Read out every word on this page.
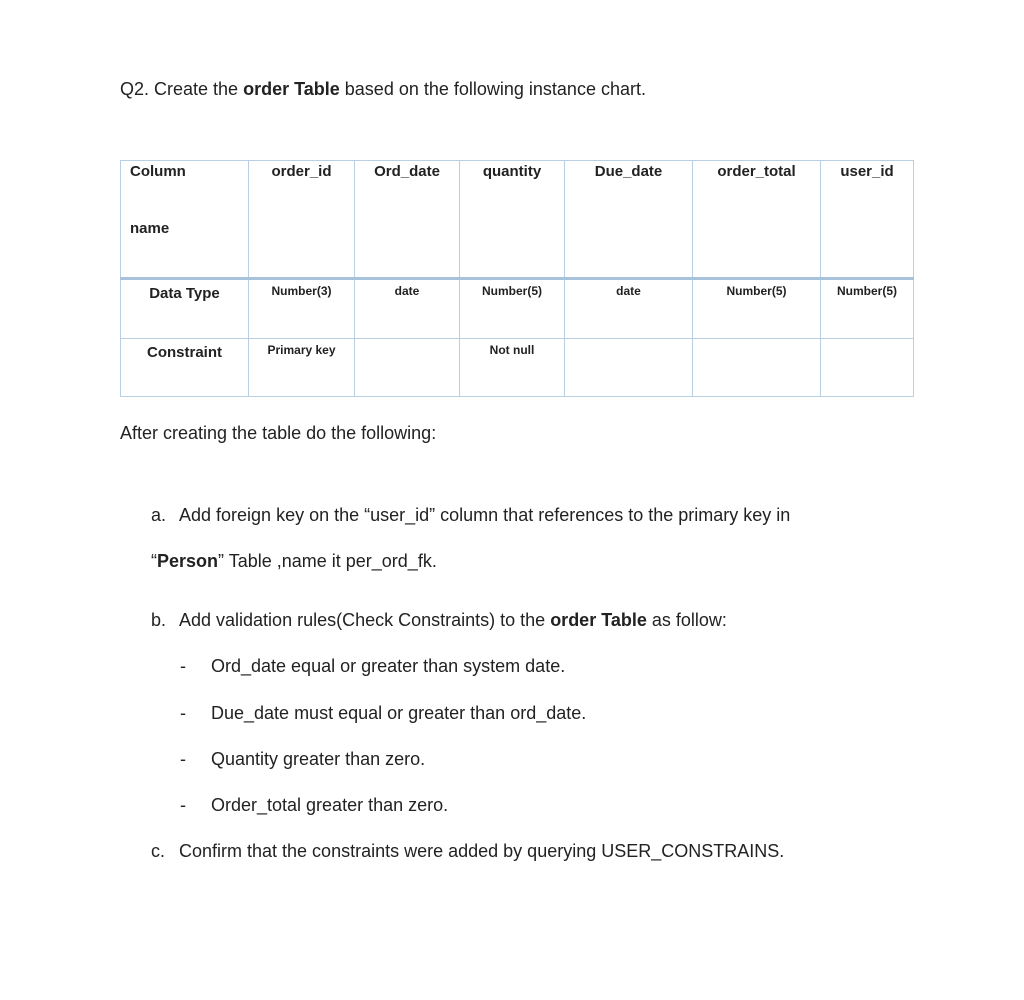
Q2. Create the order Table based on the following instance chart.
Column
name	order_id	Ord_date	quantity	Due_date	order_total	user_id

Data Type	Number(3)	date	Number(5)	date	Number(5)	Number(5)

Constraint	Primary key		Not null			

After creating the table do the following:
a. Add foreign key on the “user_id” column that references to the primary key in
“Person” Table ,name it per_ord_fk.
b. Add validation rules(Check Constraints) to the order Table as follow:
- Ord_date equal or greater than system date.
- Due_date must equal or greater than ord_date.
- Quantity greater than zero.
- Order_total greater than zero.
c. Confirm that the constraints were added by querying USER_CONSTRAINS.
